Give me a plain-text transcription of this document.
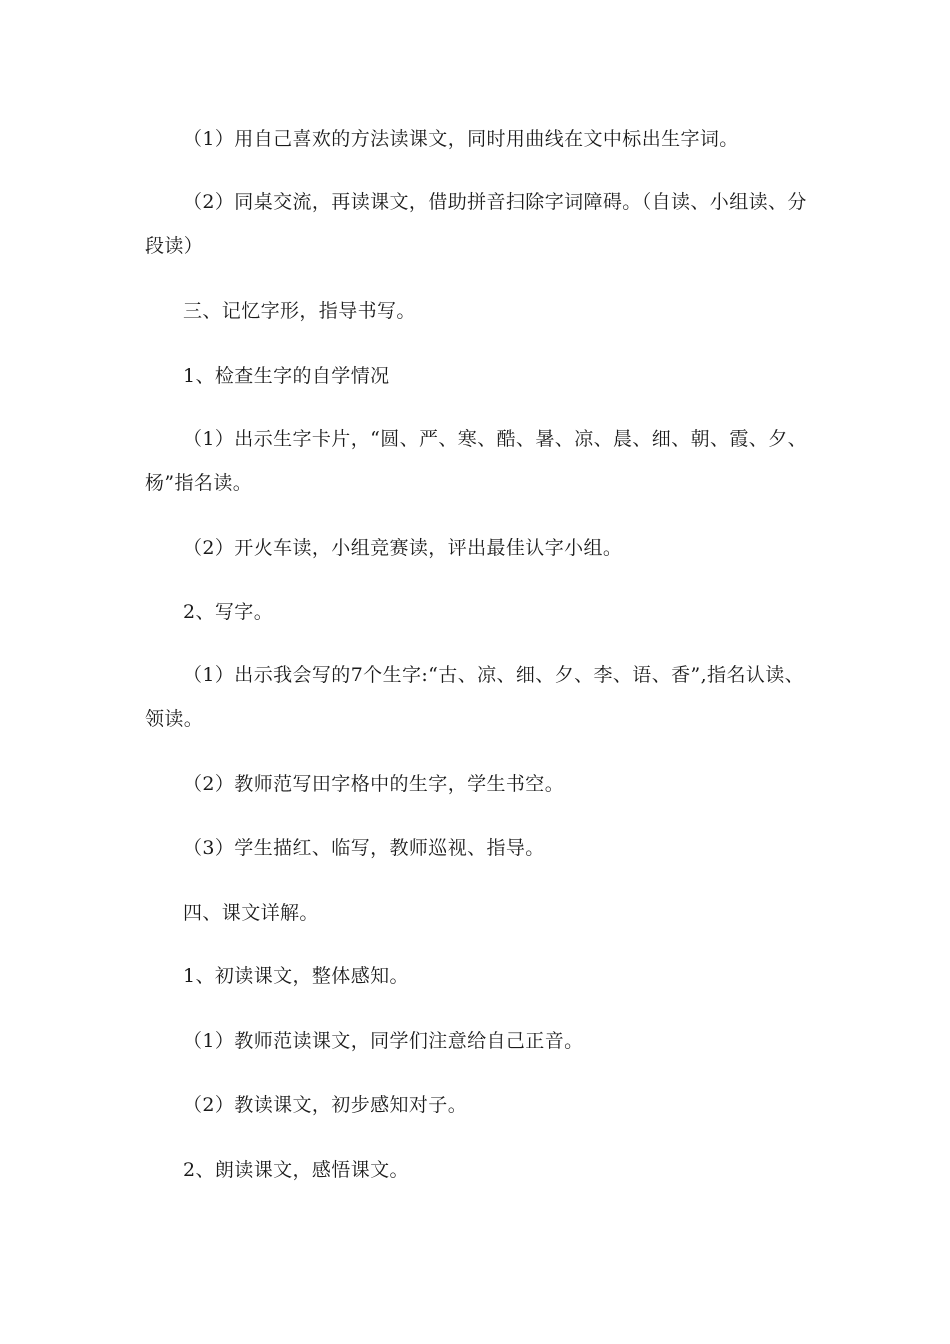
（1）用自己喜欢的方法读课文，同时用曲线在文中标出生字词。

（2）同桌交流，再读课文，借助拼音扫除字词障碍。（自读、小组读、分段读）

三、记忆字形，指导书写。

1、检查生字的自学情况

（1）出示生字卡片，“圆、严、寒、酷、暑、凉、晨、细、朝、霞、夕、杨”指名读。

（2）开火车读，小组竞赛读，评出最佳认字小组。

2、写字。

（1）出示我会写的7个生字:“古、凉、细、夕、李、语、香”,指名认读、领读。

（2）教师范写田字格中的生字，学生书空。

（3）学生描红、临写，教师巡视、指导。

四、课文详解。

1、初读课文，整体感知。

（1）教师范读课文，同学们注意给自己正音。

（2）教读课文，初步感知对子。

2、朗读课文，感悟课文。
